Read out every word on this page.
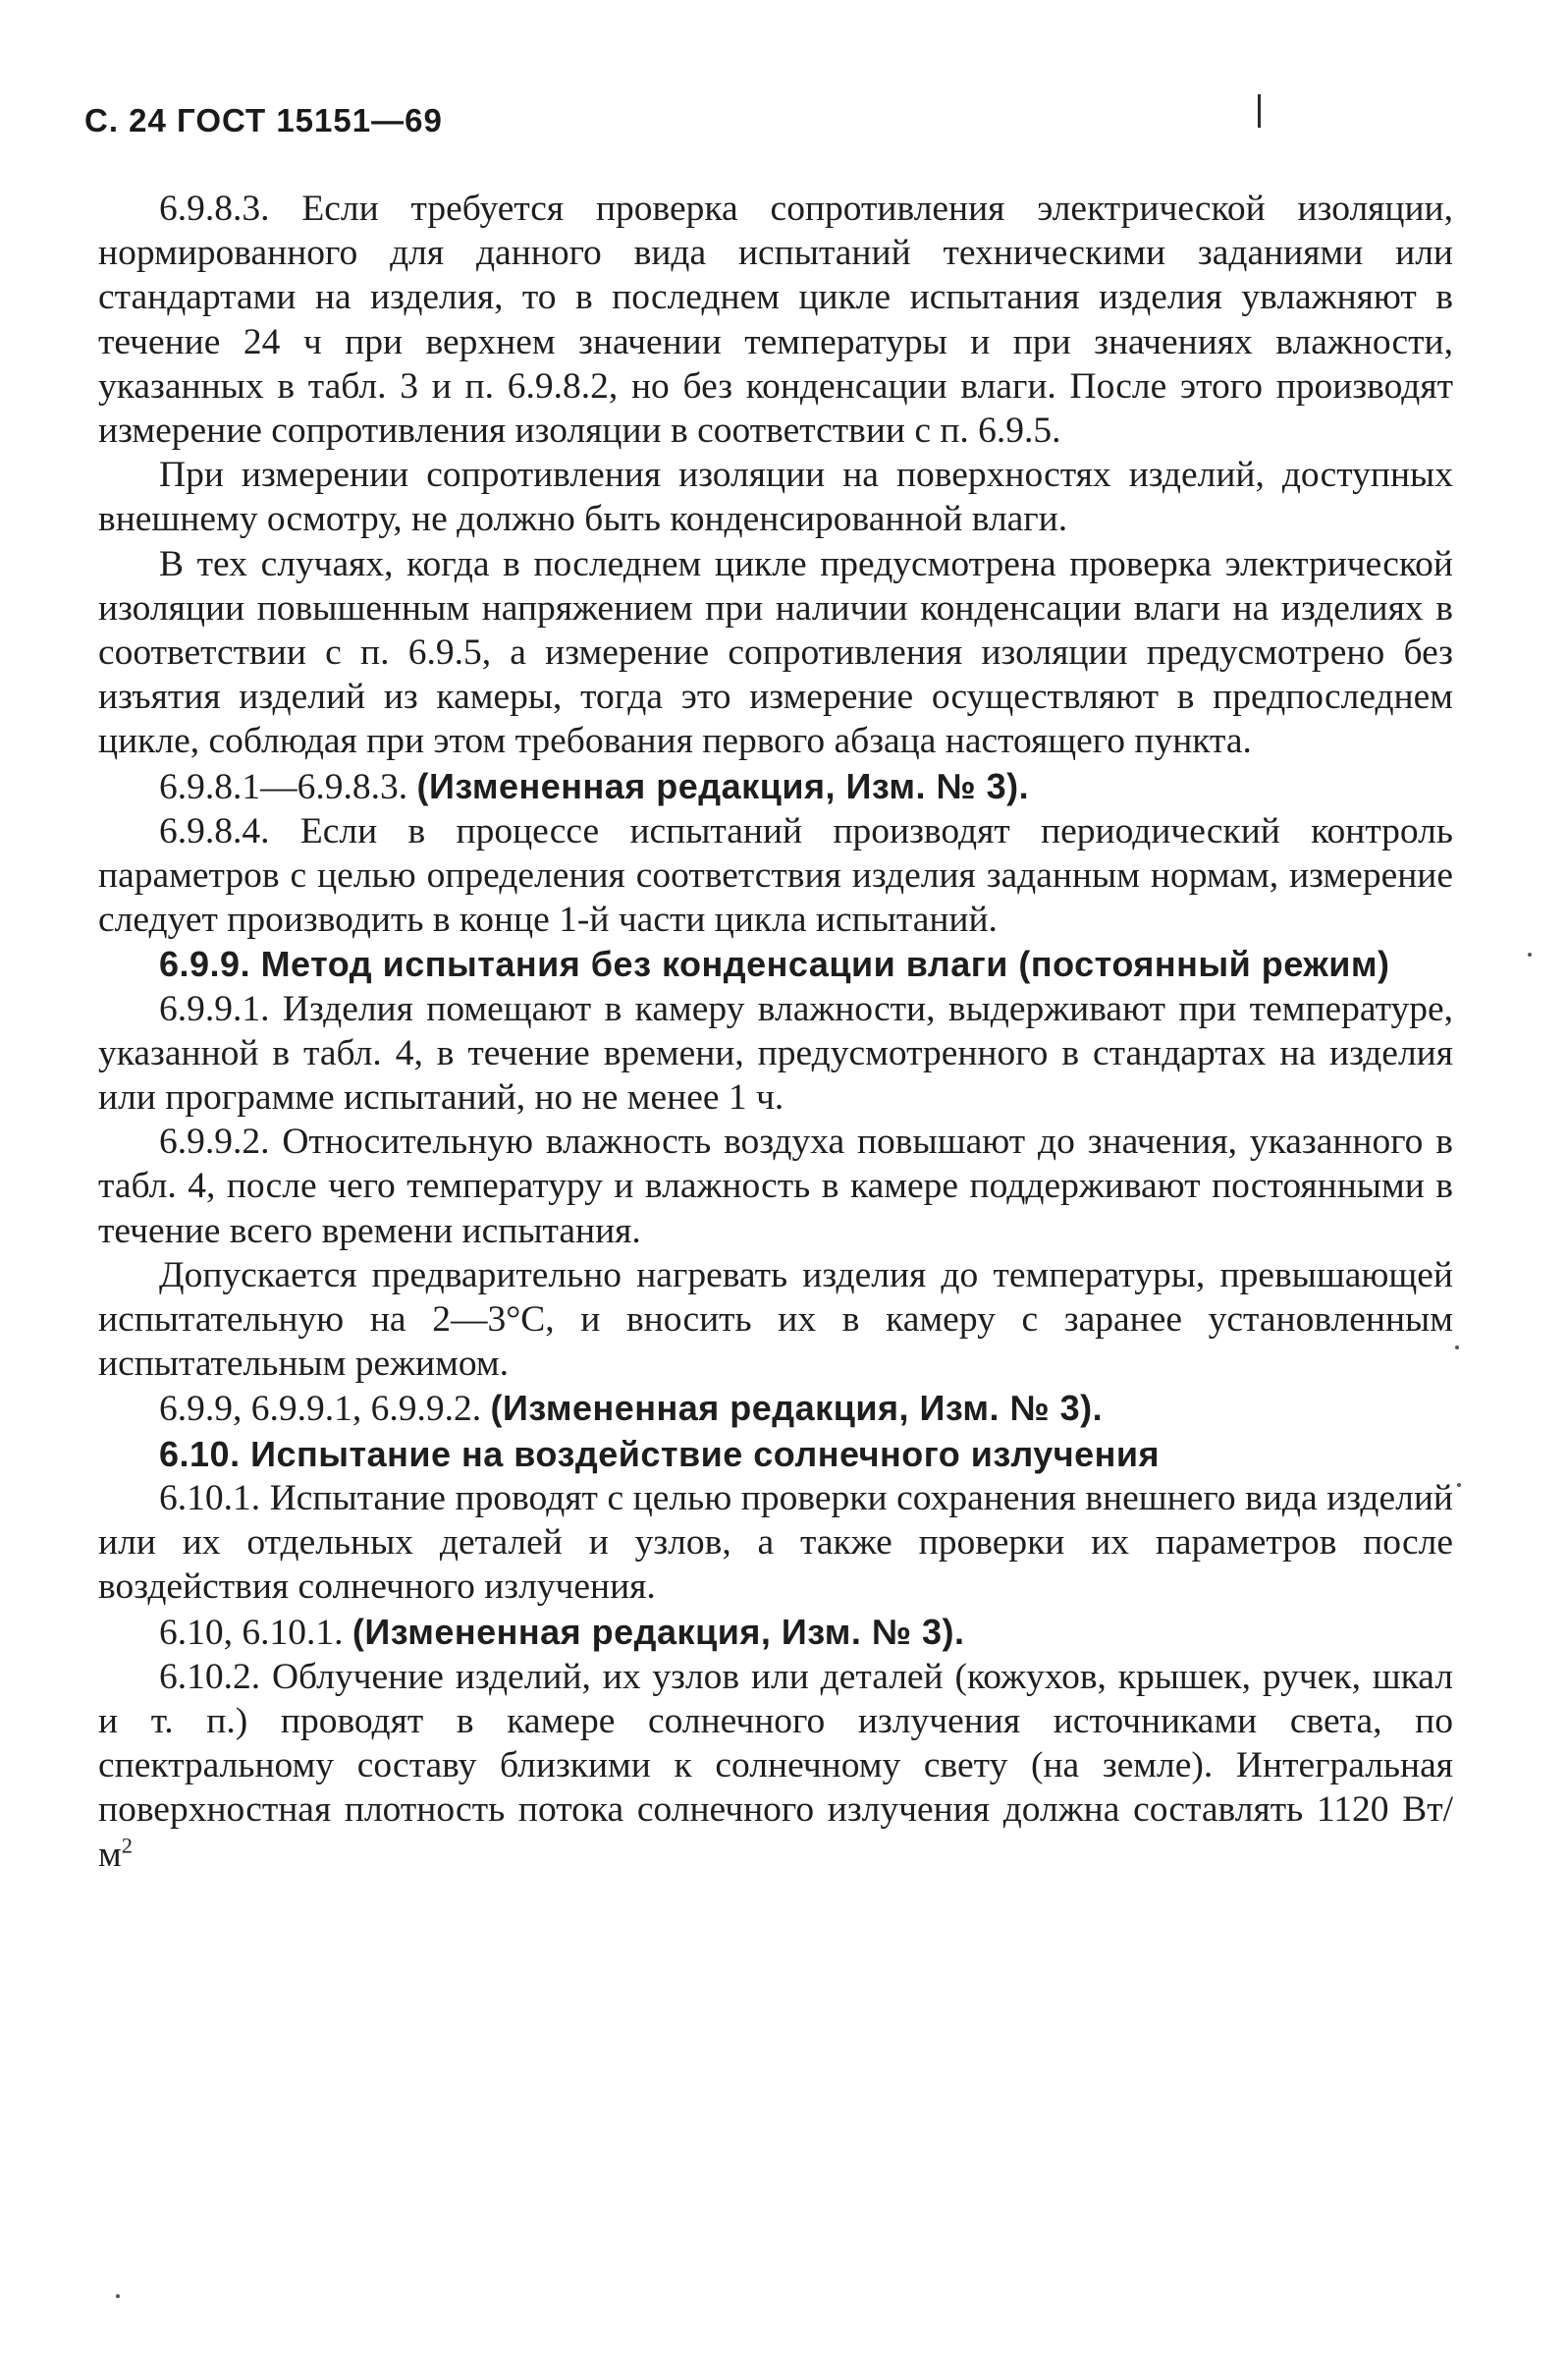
С. 24 ГОСТ 15151—69

6.9.8.3. Если требуется проверка сопротивления электрической изоляции, нормированного для данного вида испытаний техническими заданиями или стандартами на изделия, то в последнем цикле испытания изделия увлажняют в течение 24 ч при верхнем значении температуры и при значениях влажности, указанных в табл. 3 и п. 6.9.8.2, но без конденсации влаги. После этого производят измерение сопротивления изоляции в соответствии с п. 6.9.5.

При измерении сопротивления изоляции на поверхностях изделий, доступных внешнему осмотру, не должно быть конденсированной влаги.

В тех случаях, когда в последнем цикле предусмотрена проверка электрической изоляции повышенным напряжением при наличии конденсации влаги на изделиях в соответствии с п. 6.9.5, а измерение сопротивления изоляции предусмотрено без изъятия изделий из камеры, тогда это измерение осуществляют в предпоследнем цикле, соблюдая при этом требования первого абзаца настоящего пункта.

6.9.8.1—6.9.8.3. (Измененная редакция, Изм. № 3).

6.9.8.4. Если в процессе испытаний производят периодический контроль параметров с целью определения соответствия изделия заданным нормам, измерение следует производить в конце 1-й части цикла испытаний.

6.9.9. Метод испытания без конденсации влаги (постоянный режим)

6.9.9.1. Изделия помещают в камеру влажности, выдерживают при температуре, указанной в табл. 4, в течение времени, предусмотренного в стандартах на изделия или программе испытаний, но не менее 1 ч.

6.9.9.2. Относительную влажность воздуха повышают до значения, указанного в табл. 4, после чего температуру и влажность в камере поддерживают постоянными в течение всего времени испытания.

Допускается предварительно нагревать изделия до температуры, превышающей испытательную на 2—3°С, и вносить их в камеру с заранее установленным испытательным режимом.

6.9.9, 6.9.9.1, 6.9.9.2. (Измененная редакция, Изм. № 3).

6.10. Испытание на воздействие солнечного излучения

6.10.1. Испытание проводят с целью проверки сохранения внешнего вида изделий или их отдельных деталей и узлов, а также проверки их параметров после воздействия солнечного излучения.

6.10, 6.10.1. (Измененная редакция, Изм. № 3).

6.10.2. Облучение изделий, их узлов или деталей (кожухов, крышек, ручек, шкал и т. п.) проводят в камере солнечного излучения источниками света, по спектральному составу близкими к солнечному свету (на земле). Интегральная поверхностная плотность потока солнечного излучения должна составлять 1120 $Вт/м^2$
